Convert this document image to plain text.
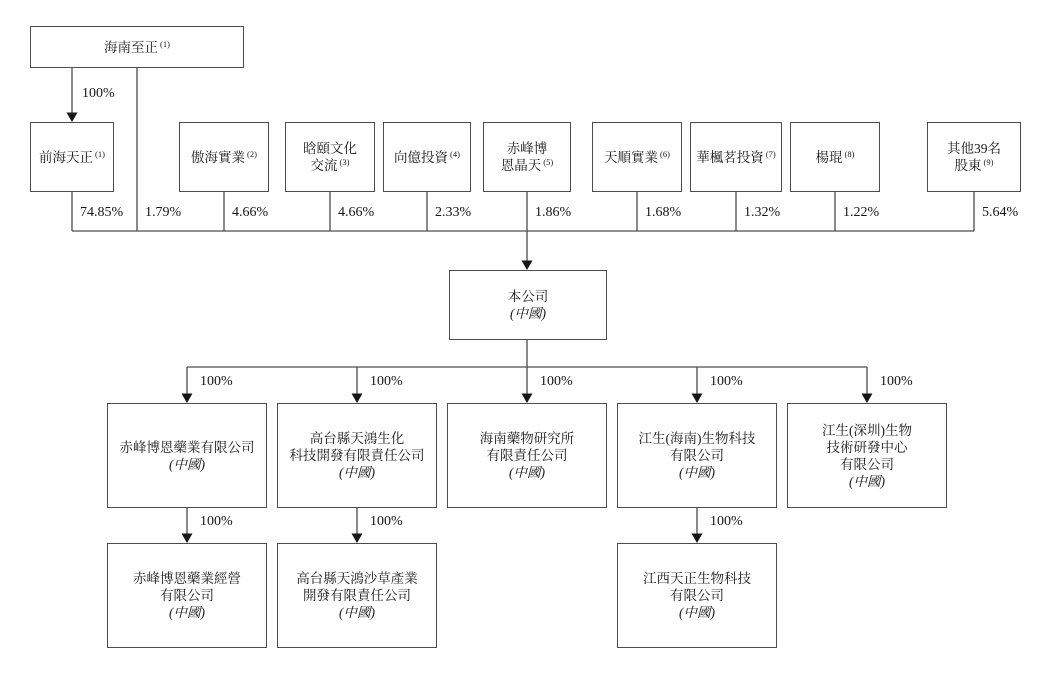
海南至正 $^{(1)}$
前海天正 $^{(1)}$	傲海實業 $^{(2)}$	晗頤文化
交流 $^{(3)}$	向億投資 $^{(4)}$	赤峰博
恩晶天 $^{(5)}$	天順實業 $^{(6)}$ 華楓茗投資 $^{(7)}$	楊琨 $^{(8)}$	其他39名
股東 $^{(9)}$
100%
74.85% 1.79%	4.66%	4.66%	2.33%	1.86%	1.68%	1.32%	1.22%	5.64%
本公司
(中國)
100%	100%	100%	100%	100%
赤峰博恩藥業有限公司
(中國)
高台縣天鴻生化
科技開發有限責任公司
(中國)
海南藥物研究所
有限責任公司
(中國)
江生(海南)生物科技
有限公司
(中國)
江生(深圳)生物
技術研發中心
有限公司
(中國)
100%	100%	100%
赤峰博恩藥業經營
有限公司
(中國)
高台縣天鴻沙草產業
開發有限責任公司
(中國)
江西天正生物科技
有限公司
(中國)
